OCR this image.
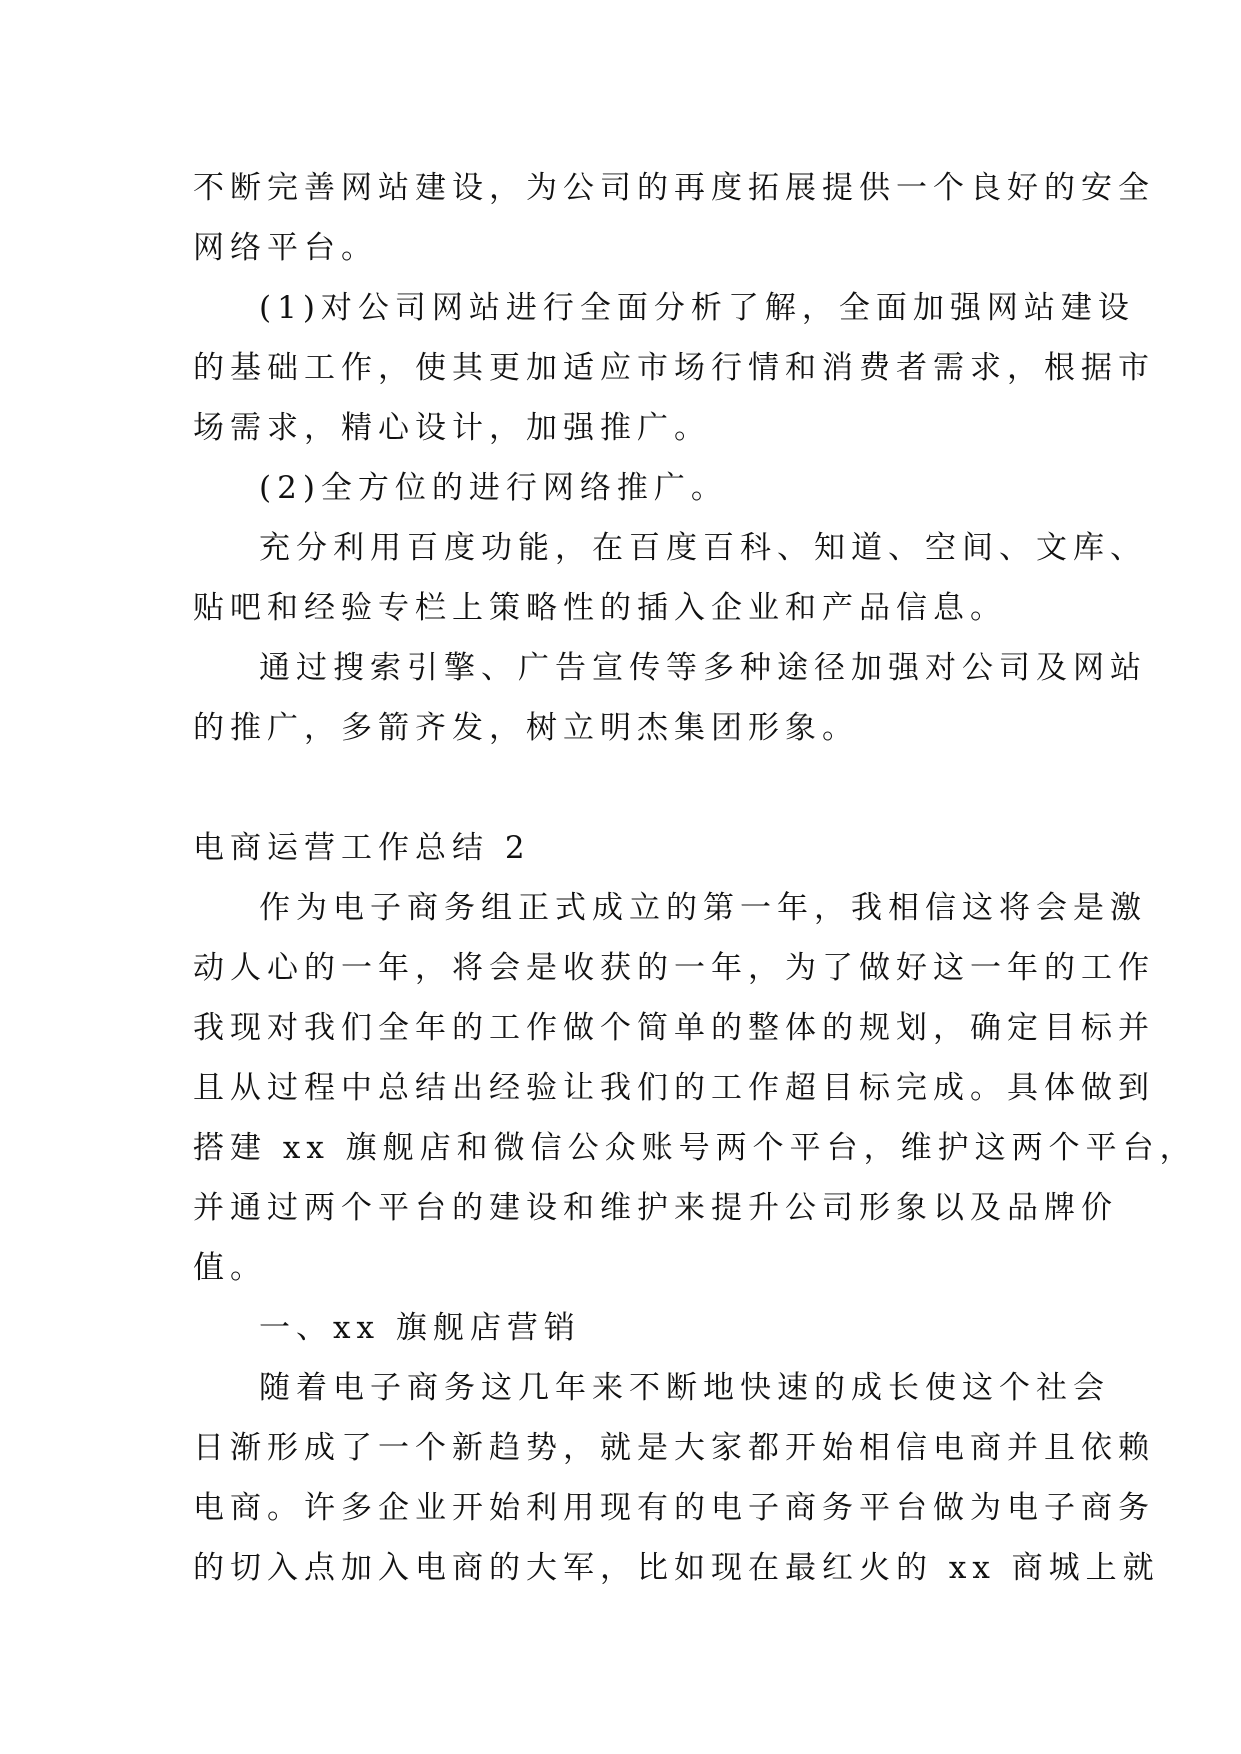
不断完善网站建设，为公司的再度拓展提供一个良好的安全
网络平台。
(1)对公司网站进行全面分析了解，全面加强网站建设
的基础工作，使其更加适应市场行情和消费者需求，根据市
场需求，精心设计，加强推广。
(2)全方位的进行网络推广。
充分利用百度功能，在百度百科、知道、空间、文库、
贴吧和经验专栏上策略性的插入企业和产品信息。
通过搜索引擎、广告宣传等多种途径加强对公司及网站
的推广，多箭齐发，树立明杰集团形象。
电商运营工作总结 2
作为电子商务组正式成立的第一年，我相信这将会是激
动人心的一年，将会是收获的一年，为了做好这一年的工作
我现对我们全年的工作做个简单的整体的规划，确定目标并
且从过程中总结出经验让我们的工作超目标完成。具体做到
搭建 xx 旗舰店和微信公众账号两个平台，维护这两个平台，
并通过两个平台的建设和维护来提升公司形象以及品牌价
值。
一、xx 旗舰店营销
随着电子商务这几年来不断地快速的成长使这个社会
日渐形成了一个新趋势，就是大家都开始相信电商并且依赖
电商。许多企业开始利用现有的电子商务平台做为电子商务
的切入点加入电商的大军，比如现在最红火的 xx 商城上就
